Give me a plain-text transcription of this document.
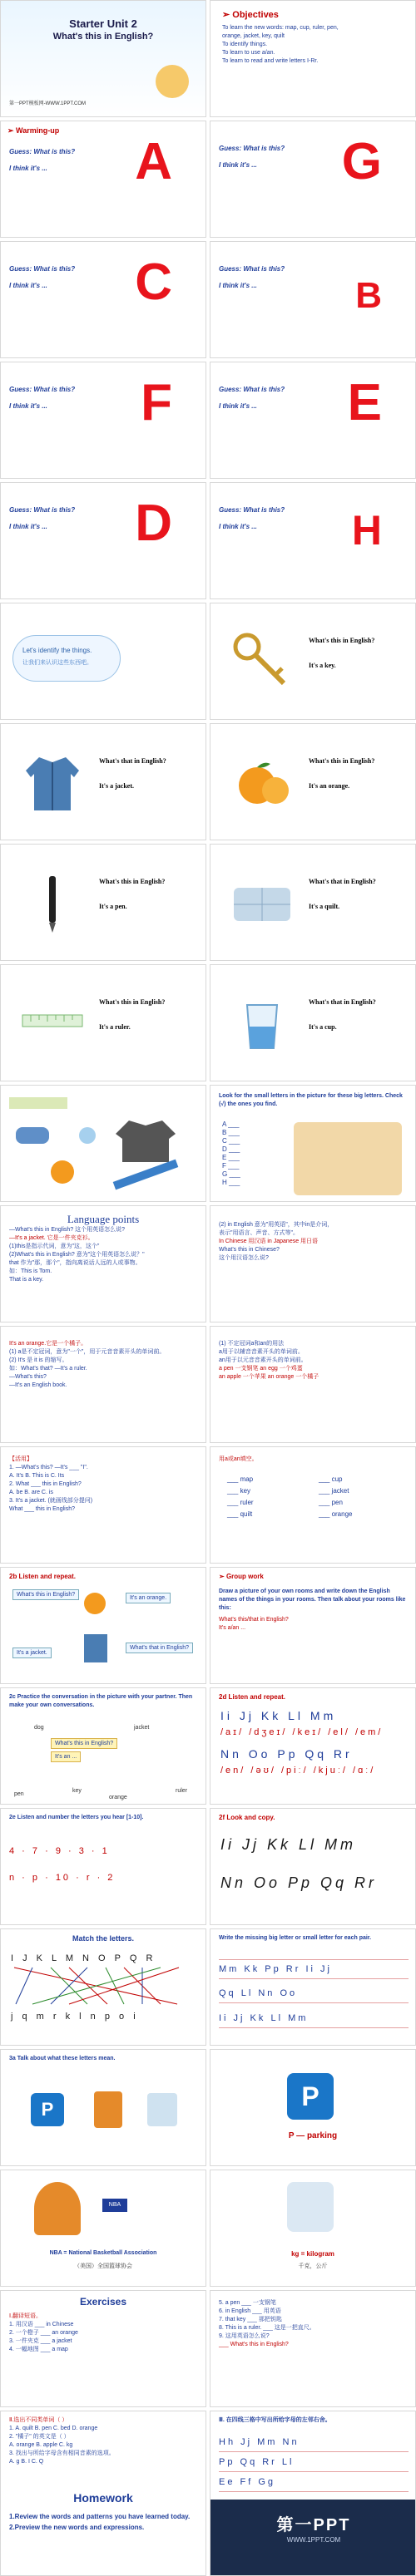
Starter Unit 2
What's this in English?
第一PPT模板网-WWW.1PPT.COM
➢ Objectives
To learn the new words: map, cup, ruler, pen,
orange, jacket, key, quilt
To identify things.
To learn to use a/an.
To learn to read and write letters Ⅰ-Rr.
➢ Warming-up
Guess: What is this?
I think it's ... A	Guess: What is this?
I think it's ... G
Guess: What is this?
I think it's ... C	Guess: What is this?
I think it's ...	B
Guess: What is this?
I think it's ... F	Guess: What is this?
I think it's ... E
Guess: What is this?
I think it's ... D	Guess: What is this?
I think it's ... H
Let's identify the things.
让我们来认识这些东西吧。
What's this in English?
It's a key.
What's that in English?
It's a jacket.
What's this in English?
It's an orange.
What's this in English?
It's a pen.
What's that in English?
It's a quilt.
What's this in English?
It's a ruler.
What's that in English?
It's a cup.
Look for the small letters in the picture for these big letters. Check (√) the ones you find.
A ___
B ___
C ___
D ___
E ___
F ___
G ___
H ___
Language points
—What's this in English? 这个用英语怎么说?
—It's a jacket. 它是一件夹克衫。
(1)this是指示代词，意为"这，这个"
(2)What's this in English? 意为"这个用英语怎么说？"
that 作为"那，那个"，指向离说话人远的人或事物。
如：This is Tom.
That is a key.
(2) in English 意为"用英语"，其中in是介词，
表示"用语言、声音、方式等"。
In Chinese 用汉语 in Japanese 用日语
What's this in Chinese?
这个用汉语怎么说?
It's an orange.它是一个橘子。
(1) a是不定冠词，意为"一个"，用于元音音素开头的单词前。
(2) It's 是 it is 的缩写。
如：What's that? —It's a ruler.
—What's this?
—It's an English book.
(1) 不定冠词a和an的用法
a用于以辅音音素开头的单词前。
an用于以元音音素开头的单词前。
a pen 一支钢笔 an egg 一个鸡蛋
an apple 一个苹果 an orange 一个橘子
【活用】
1. —What's this? —It's ___ "I".
A. It's B. This is C. Its
2. What ___ this in English?
A. be B. are C. is
3. It's a jacket. (就画线部分提问)
What ___ this in English?
用a或an填空。
___ map
___ key
___ ruler
___ quilt
___ cup
___ jacket
___ pen
___ orange
2b Listen and repeat.
What's this in English?
It's an orange.
It's a jacket.
What's that in English?
➢ Group work
Draw a picture of your own rooms and write down the English names of the things in your rooms. Then talk about your rooms like this:
What's this/that in English?
It's a/an ...
2c Practice the conversation in the picture with your partner. Then make your own conversations.
What's this in English?
It's an ...
dog	jacket
pen
key	ruler
orange
2d Listen and repeat.
Ii Jj Kk Ll Mm
/aɪ/ /dʒeɪ/ /keɪ/ /el/ /em/
Nn Oo Pp Qq Rr
/en/ /əʊ/ /piː/ /kjuː/ /ɑː/
2e Listen and number the letters you hear [1-10].
4 · 7 · 9 · 3 · 1
n · p · 10 · r · 2
2f Look and copy.
Ii Jj Kk Ll Mm
Nn Oo Pp Qq Rr
Match the letters.
I J K L M N O P Q R
j q m r k l n p o i
Write the missing big letter or small letter for each pair.
Mm Kk Pp Rr Ii Jj
Qq Ll Nn Oo
Ii Jj Kk Ll Mm
3a Talk about what these letters mean.
P	P
P — parking
NBA
NBA = National Basketball Association
（美国）全国篮球协会
kg = kilogram
千克，公斤
Exercises
Ⅰ.翻译短语。
1. 用汉语 ___ in Chinese
2. 一个橙子 ___ an orange
3. 一件夹克 ___ a jacket
4. 一幅地图 ___ a map
5. a pen ___ 一支钢笔
6. in English ___ 用英语
7. that key ___ 那把钥匙
8. This is a ruler. ___ 这是一把直尺。
9. 这用英语怎么说?
___ What's this in English?
Ⅱ.选出不同类单词（ ）
1. A. quilt B. pen C. bed D. orange
2. "橘子" 的英文是（ ）
A. orange B. apple C. kg
3. 找出与所给字母含有相同音素的选项。
A. g B. I C. Q
Homework
1.Review the words and patterns you have learned today.
2.Preview the new words and expressions.
Ⅲ. 在四线三格中写出所给字母的左邻右舍。
Hh Jj Mm Nn
Pp Qq Rr Ll
Ee Ff Gg
第一PPT
WWW.1PPT.COM
